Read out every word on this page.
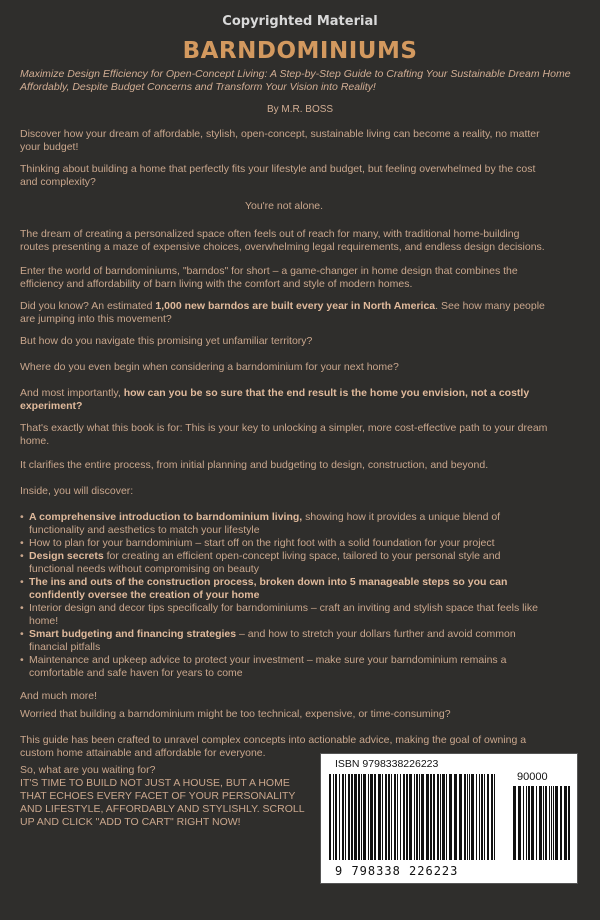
Copyrighted Material
BARNDOMINIUMS
Maximize Design Efficiency for Open-Concept Living: A Step-by-Step Guide to Crafting Your Sustainable Dream Home Affordably, Despite Budget Concerns and Transform Your Vision into Reality!
By M.R. BOSS

Discover how your dream of affordable, stylish, open-concept, sustainable living can become a reality, no matter your budget!

Thinking about building a home that perfectly fits your lifestyle and budget, but feeling overwhelmed by the cost and complexity?

You're not alone.

The dream of creating a personalized space often feels out of reach for many, with traditional home-building routes presenting a maze of expensive choices, overwhelming legal requirements, and endless design decisions.

Enter the world of barndominiums, "barndos" for short – a game-changer in home design that combines the efficiency and affordability of barn living with the comfort and style of modern homes.

Did you know? An estimated 1,000 new barndos are built every year in North America. See how many people are jumping into this movement?

But how do you navigate this promising yet unfamiliar territory?

Where do you even begin when considering a barndominium for your next home?

And most importantly, how can you be so sure that the end result is the home you envision, not a costly experiment?

That's exactly what this book is for: This is your key to unlocking a simpler, more cost-effective path to your dream home.

It clarifies the entire process, from initial planning and budgeting to design, construction, and beyond.

Inside, you will discover:

• A comprehensive introduction to barndominium living, showing how it provides a unique blend of functionality and aesthetics to match your lifestyle
• How to plan for your barndominium – start off on the right foot with a solid foundation for your project
• Design secrets for creating an efficient open-concept living space, tailored to your personal style and functional needs without compromising on beauty
• The ins and outs of the construction process, broken down into 5 manageable steps so you can confidently oversee the creation of your home
• Interior design and decor tips specifically for barndominiums – craft an inviting and stylish space that feels like home!
• Smart budgeting and financing strategies – and how to stretch your dollars further and avoid common financial pitfalls
• Maintenance and upkeep advice to protect your investment – make sure your barndominium remains a comfortable and safe haven for years to come

And much more!

Worried that building a barndominium might be too technical, expensive, or time-consuming?

This guide has been crafted to unravel complex concepts into actionable advice, making the goal of owning a custom home attainable and affordable for everyone.

So, what are you waiting for?

IT'S TIME TO BUILD NOT JUST A HOUSE, BUT A HOME THAT ECHOES EVERY FACET OF YOUR PERSONALITY AND LIFESTYLE, AFFORDABLY AND STYLISHLY. SCROLL UP AND CLICK "ADD TO CART" RIGHT NOW!

ISBN 9798338226223
90000
9 798338 226223
